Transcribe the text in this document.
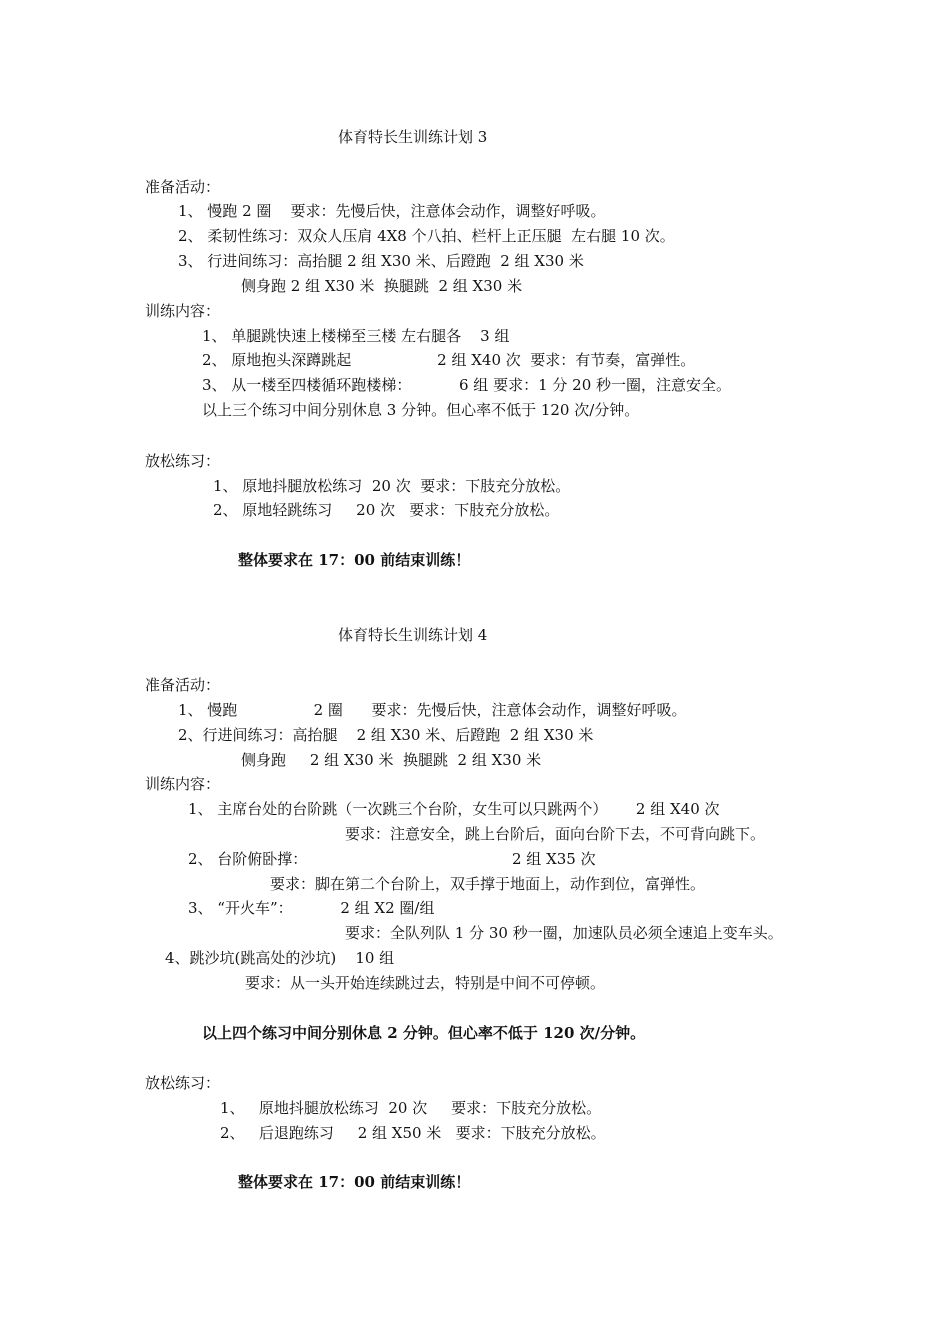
体育特长生训练计划 3
准备活动：
1、 慢跑 2 圈    要求：先慢后快，注意体会动作，调整好呼吸。
2、 柔韧性练习：双众人压肩 4X8 个八拍、栏杆上正压腿  左右腿 10 次。
3、 行进间练习：高抬腿 2 组 X30 米、后蹬跑  2 组 X30 米
侧身跑 2 组 X30 米  换腿跳  2 组 X30 米
训练内容：
1、 单腿跳快速上楼梯至三楼 左右腿各    3 组
2、 原地抱头深蹲跳起                  2 组 X40 次  要求：有节奏，富弹性。
3、 从一楼至四楼循环跑楼梯：          6 组 要求：1 分 20 秒一圈，注意安全。
以上三个练习中间分别休息 3 分钟。但心率不低于 120 次/分钟。
放松练习：
1、 原地抖腿放松练习  20 次  要求：下肢充分放松。
2、 原地轻跳练习     20 次   要求：下肢充分放松。
整体要求在 17：00 前结束训练！
体育特长生训练计划 4
准备活动：
1、 慢跑                2 圈      要求：先慢后快，注意体会动作，调整好呼吸。
2、行进间练习：高抬腿    2 组 X30 米、后蹬跑  2 组 X30 米
侧身跑     2 组 X30 米  换腿跳  2 组 X30 米
训练内容：
1、 主席台处的台阶跳（一次跳三个台阶，女生可以只跳两个）      2 组 X40 次
要求：注意安全，跳上台阶后，面向台阶下去，不可背向跳下。
2、 台阶俯卧撑：	2 组 X35 次
要求：脚在第二个台阶上，双手撑于地面上，动作到位，富弹性。
3、 “开火车”：          2 组 X2 圈/组
要求：全队列队 1 分 30 秒一圈，加速队员必须全速追上变车头。
4、跳沙坑(跳高处的沙坑)    10 组
要求：从一头开始连续跳过去，特别是中间不可停顿。
以上四个练习中间分别休息 2 分钟。但心率不低于 120 次/分钟。
放松练习：
1、   原地抖腿放松练习  20 次     要求：下肢充分放松。
2、   后退跑练习     2 组 X50 米   要求：下肢充分放松。
整体要求在 17：00 前结束训练！
